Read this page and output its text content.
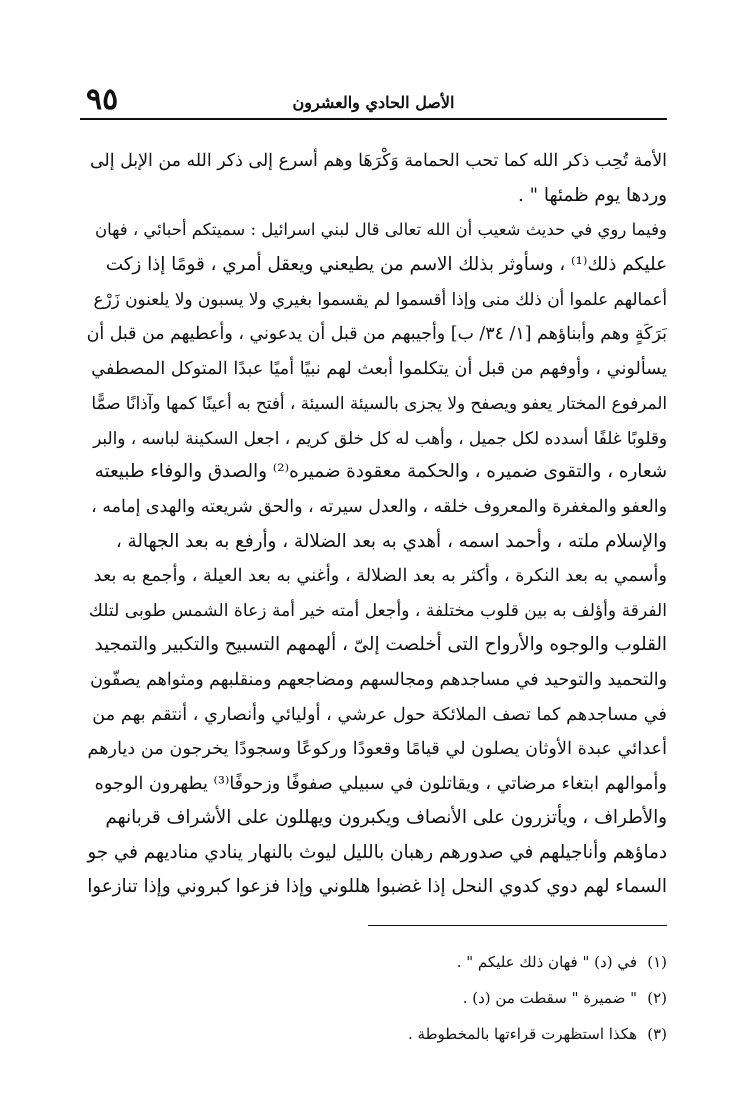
٩٥	الأصل الحادي والعشرون
الأمة تُحِب ذكر الله كما تحب الحمامة وَكْرَهَا وهم أسرع إلى ذكر الله من الإبل إلى
وردها يوم ظمئها " .
وفيما روي في حديث شعيب أن الله تعالى قال لبني اسرائيل : سميتكم أحبائي ، فهان
عليكم ذلك⁽¹⁾ ، وسأوثر بذلك الاسم من يطيعني ويعقل أمري ، قومًا إذا زكت
أعمالهم علموا أن ذلك منى وإذا أقسموا لم يقسموا بغيري ولا يسبون ولا يلعنون زَرْع
بَرَكَةٍ وهم وأبناؤهم [١/ ٣٤/ ب] وأجيبهم من قبل أن يدعوني ، وأعطيهم من قبل أن
يسألوني ، وأوفهم من قبل أن يتكلموا أبعث لهم نبيًا أميًا عبدًا المتوكل المصطفي
المرفوع المختار يعفو ويصفح ولا يجزى بالسيئة السيئة ، أفتح به أعينًا كمها وآذانًا صمًّا
وقلوبًا غلفًا أسدده لكل جميل ، وأهب له كل خلق كريم ، اجعل السكينة لباسه ، والبر
شعاره ، والتقوى ضميره ، والحكمة معقودة ضميره⁽²⁾ والصدق والوفاء طبيعته
والعفو والمغفرة والمعروف خلقه ، والعدل سيرته ، والحق شريعته والهدى إمامه ،
والإسلام ملته ، وأحمد اسمه ، أهدي به بعد الضلالة ، وأرفع به بعد الجهالة ،
وأسمي به بعد النكرة ، وأكثر به بعد الضلالة ، وأغني به بعد العيلة ، وأجمع به بعد
الفرقة وأؤلف به بين قلوب مختلفة ، وأجعل أمته خير أمة زعاة الشمس طوبى لتلك
القلوب والوجوه والأرواح التى أخلصت إلىّ ، ألهمهم التسبيح والتكبير والتمجيد
والتحميد والتوحيد في مساجدهم ومجالسهم ومضاجعهم ومنقلبهم ومثواهم يصفّون
في مساجدهم كما تصف الملائكة حول عرشي ، أوليائي وأنصاري ، أنتقم بهم من
أعدائي عبدة الأوثان يصلون لي قيامًا وقعودًا وركوعًا وسجودًا يخرجون من ديارهم
وأموالهم ابتغاء مرضاتي ، ويقاتلون في سبيلي صفوفًا وزحوفًا⁽³⁾ يطهرون الوجوه
والأطراف ، ويأتزرون على الأنصاف ويكبرون ويهللون على الأشراف قربانهم
دماؤهم وأناجيلهم في صدورهم رهبان بالليل ليوث بالنهار ينادي مناديهم في جو
السماء لهم دوي كدوي النحل إذا غضبوا هللوني وإذا فزعوا كبروني وإذا تنازعوا
(١)في (د) " فهان ذلك عليكم " .
(٢)" ضميرة " سقطت من (د) .
(٣)هكذا استظهرت قراءتها بالمخطوطة .
